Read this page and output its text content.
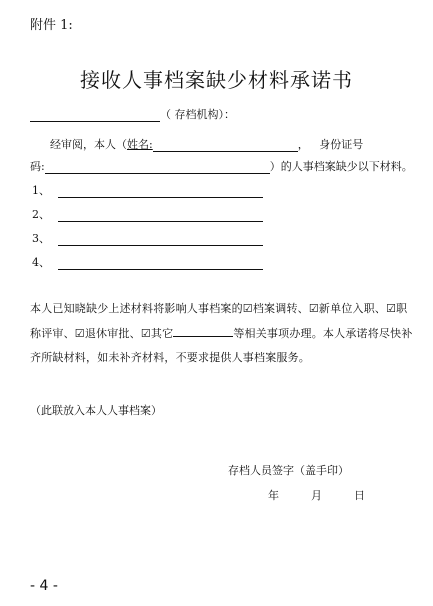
附件 1:
接收人事档案缺少材料承诺书
（ 存档机构）：
经审阅，本人（姓名:	， 身份证号
码:	）的人事档案缺少以下材料。
1、
2、
3、
4、
本人已知晓缺少上述材料将影响人事档案的☑档案调转、☑新单位入职、☑职称评审、☑退休审批、☑其它	等相关事项办理。本人承诺将尽快补齐所缺材料，如未补齐材料，不要求提供人事档案服务。
（此联放入本人人事档案）
存档人员签字（盖手印）
年	月	日
- 4 -
